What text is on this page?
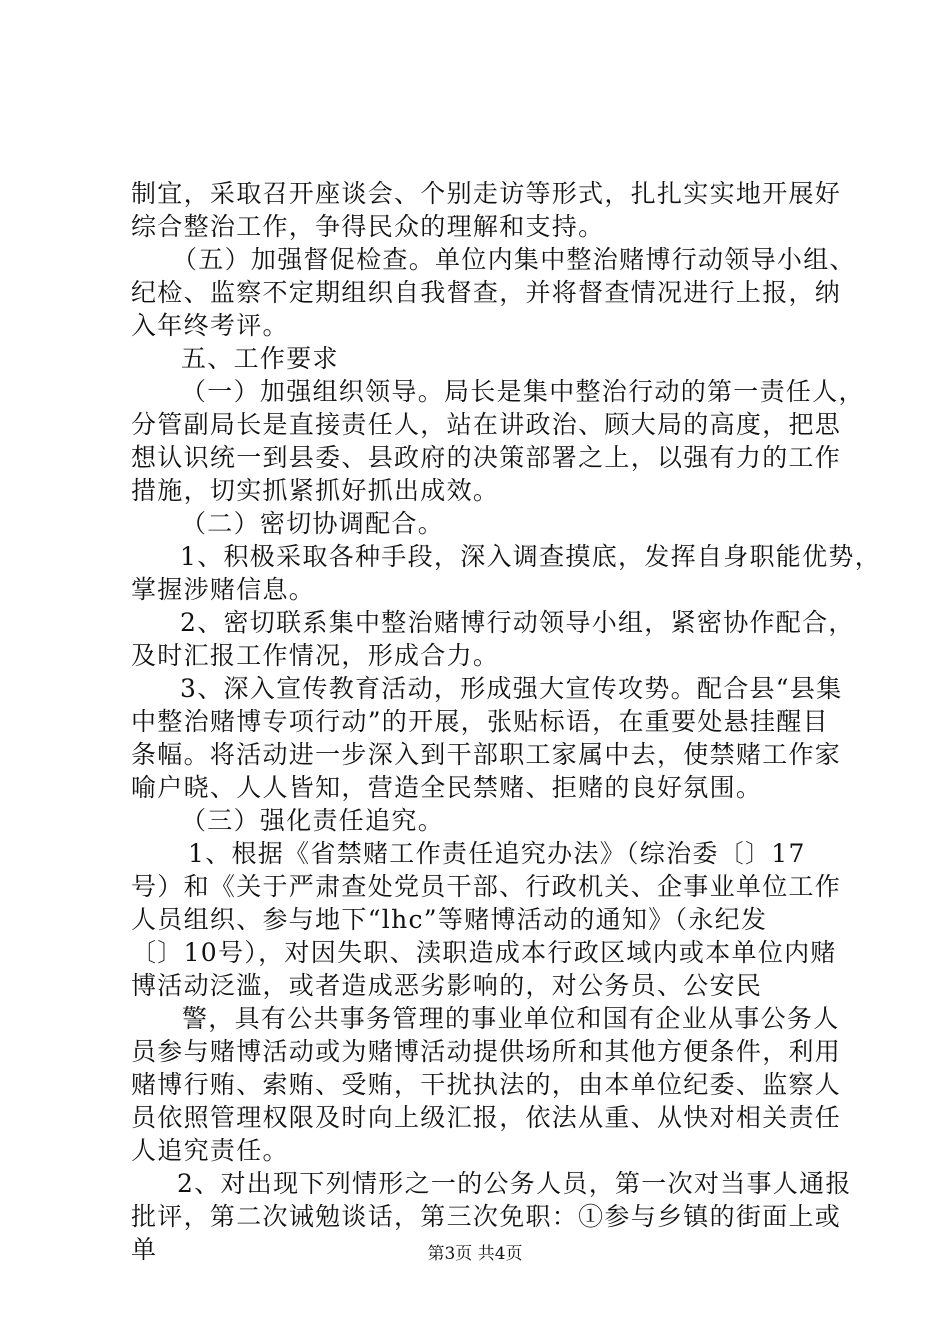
制宜，采取召开座谈会、个别走访等形式，扎扎实实地开展好
综合整治工作，争得民众的理解和支持。
（五）加强督促检查。单位内集中整治赌博行动领导小组、
纪检、监察不定期组织自我督查，并将督查情况进行上报，纳
入年终考评。
五、工作要求
（一）加强组织领导。局长是集中整治行动的第一责任人，
分管副局长是直接责任人，站在讲政治、顾大局的高度，把思
想认识统一到县委、县政府的决策部署之上，以强有力的工作
措施，切实抓紧抓好抓出成效。
（二）密切协调配合。
1、积极采取各种手段，深入调查摸底，发挥自身职能优势，
掌握涉赌信息。
2、密切联系集中整治赌博行动领导小组，紧密协作配合，
及时汇报工作情况，形成合力。
3、深入宣传教育活动，形成强大宣传攻势。配合县“县集
中整治赌博专项行动”的开展，张贴标语，在重要处悬挂醒目
条幅。将活动进一步深入到干部职工家属中去，使禁赌工作家
喻户晓、人人皆知，营造全民禁赌、拒赌的良好氛围。
（三）强化责任追究。
1、根据《省禁赌工作责任追究办法》（综治委〔〕17
号）和《关于严肃查处党员干部、行政机关、企事业单位工作
人员组织、参与地下“lhc”等赌博活动的通知》（永纪发
〔〕10号），对因失职、渎职造成本行政区域内或本单位内赌
博活动泛滥，或者造成恶劣影响的，对公务员、公安民
警，具有公共事务管理的事业单位和国有企业从事公务人
员参与赌博活动或为赌博活动提供场所和其他方便条件，利用
赌博行贿、索贿、受贿，干扰执法的，由本单位纪委、监察人
员依照管理权限及时向上级汇报，依法从重、从快对相关责任
人追究责任。
2、对出现下列情形之一的公务人员，第一次对当事人通报
批评，第二次诫勉谈话，第三次免职：①参与乡镇的街面上或
单	第3页 共4页
